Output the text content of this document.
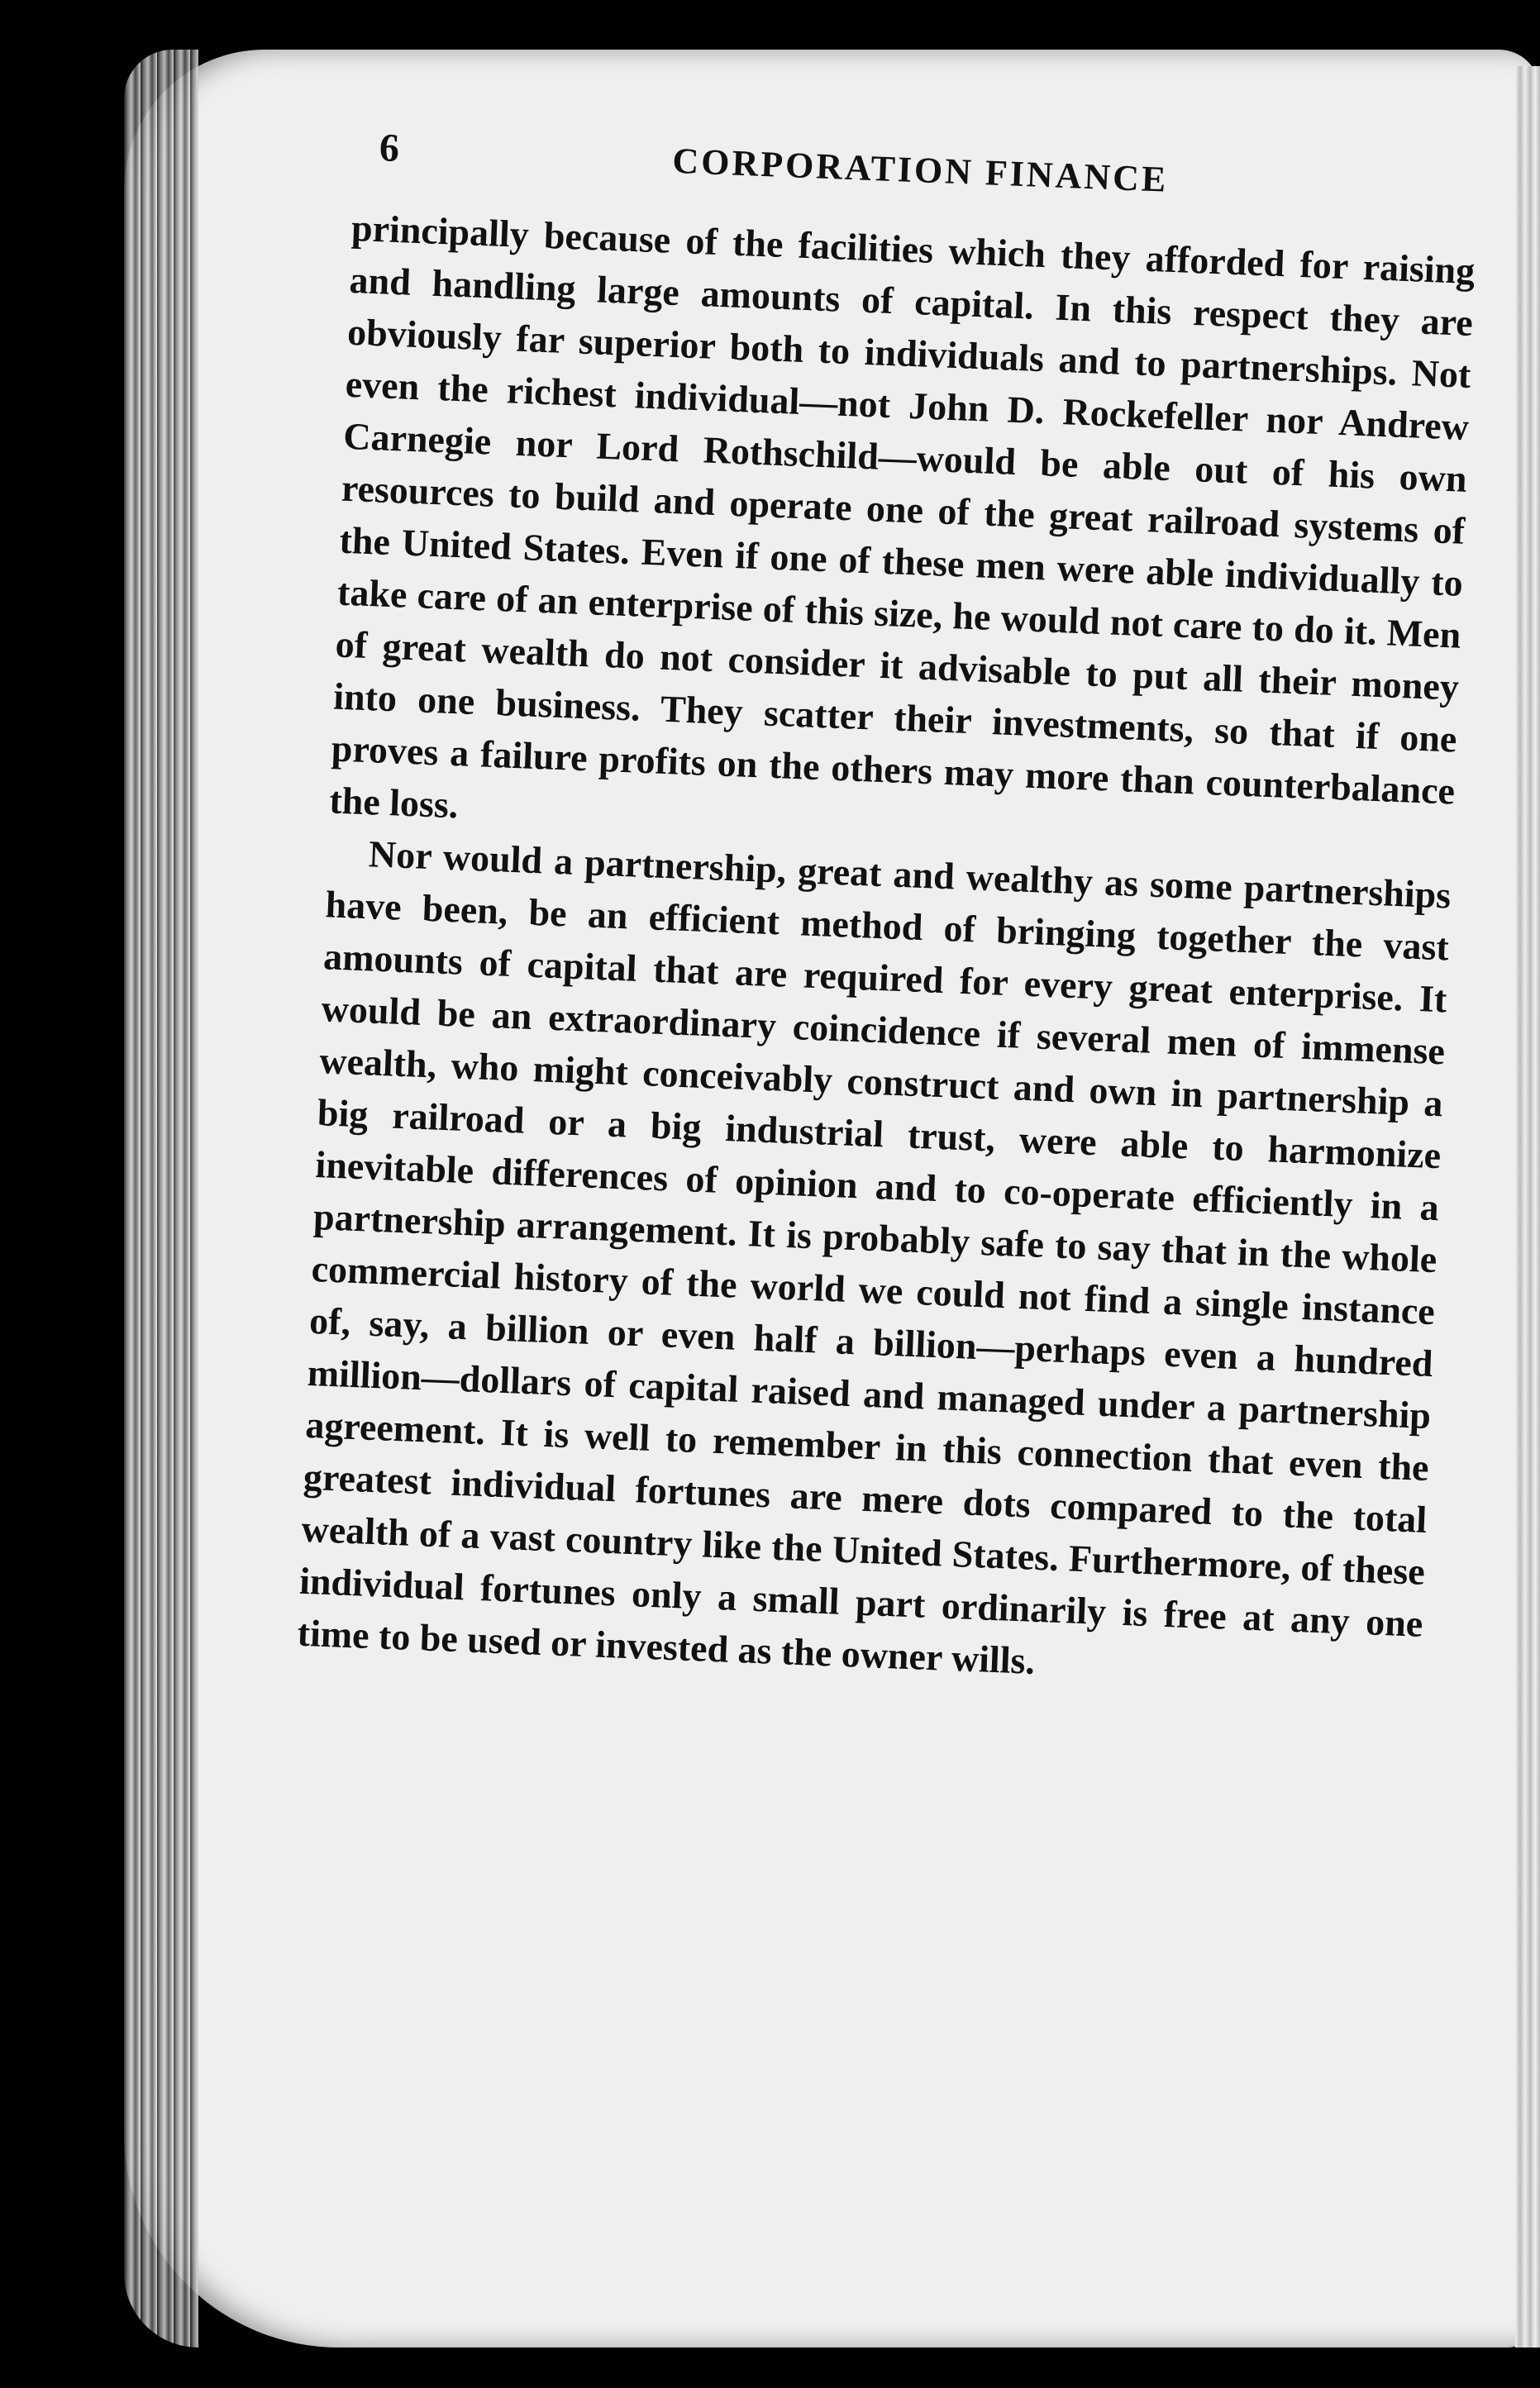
6	CORPORATION FINANCE

principally because of the facilities which they afforded for raising and handling large amounts of capital. In this respect they are obviously far superior both to individuals and to partnerships. Not even the richest individual—not John D. Rockefeller nor Andrew Carnegie nor Lord Rothschild—would be able out of his own resources to build and operate one of the great railroad systems of the United States. Even if one of these men were able individually to take care of an enterprise of this size, he would not care to do it. Men of great wealth do not consider it advisable to put all their money into one business. They scatter their investments, so that if one proves a failure profits on the others may more than counterbalance the loss.

Nor would a partnership, great and wealthy as some partnerships have been, be an efficient method of bringing together the vast amounts of capital that are required for every great enterprise. It would be an extraordinary coincidence if several men of immense wealth, who might conceivably construct and own in partnership a big railroad or a big industrial trust, were able to harmonize inevitable differences of opinion and to co-operate efficiently in a partnership arrangement. It is probably safe to say that in the whole commercial history of the world we could not find a single instance of, say, a billion or even half a billion—perhaps even a hundred million—dollars of capital raised and managed under a partnership agreement. It is well to remember in this connection that even the greatest individual fortunes are mere dots compared to the total wealth of a vast country like the United States. Furthermore, of these individual fortunes only a small part ordinarily is free at any one time to be used or invested as the owner wills.
